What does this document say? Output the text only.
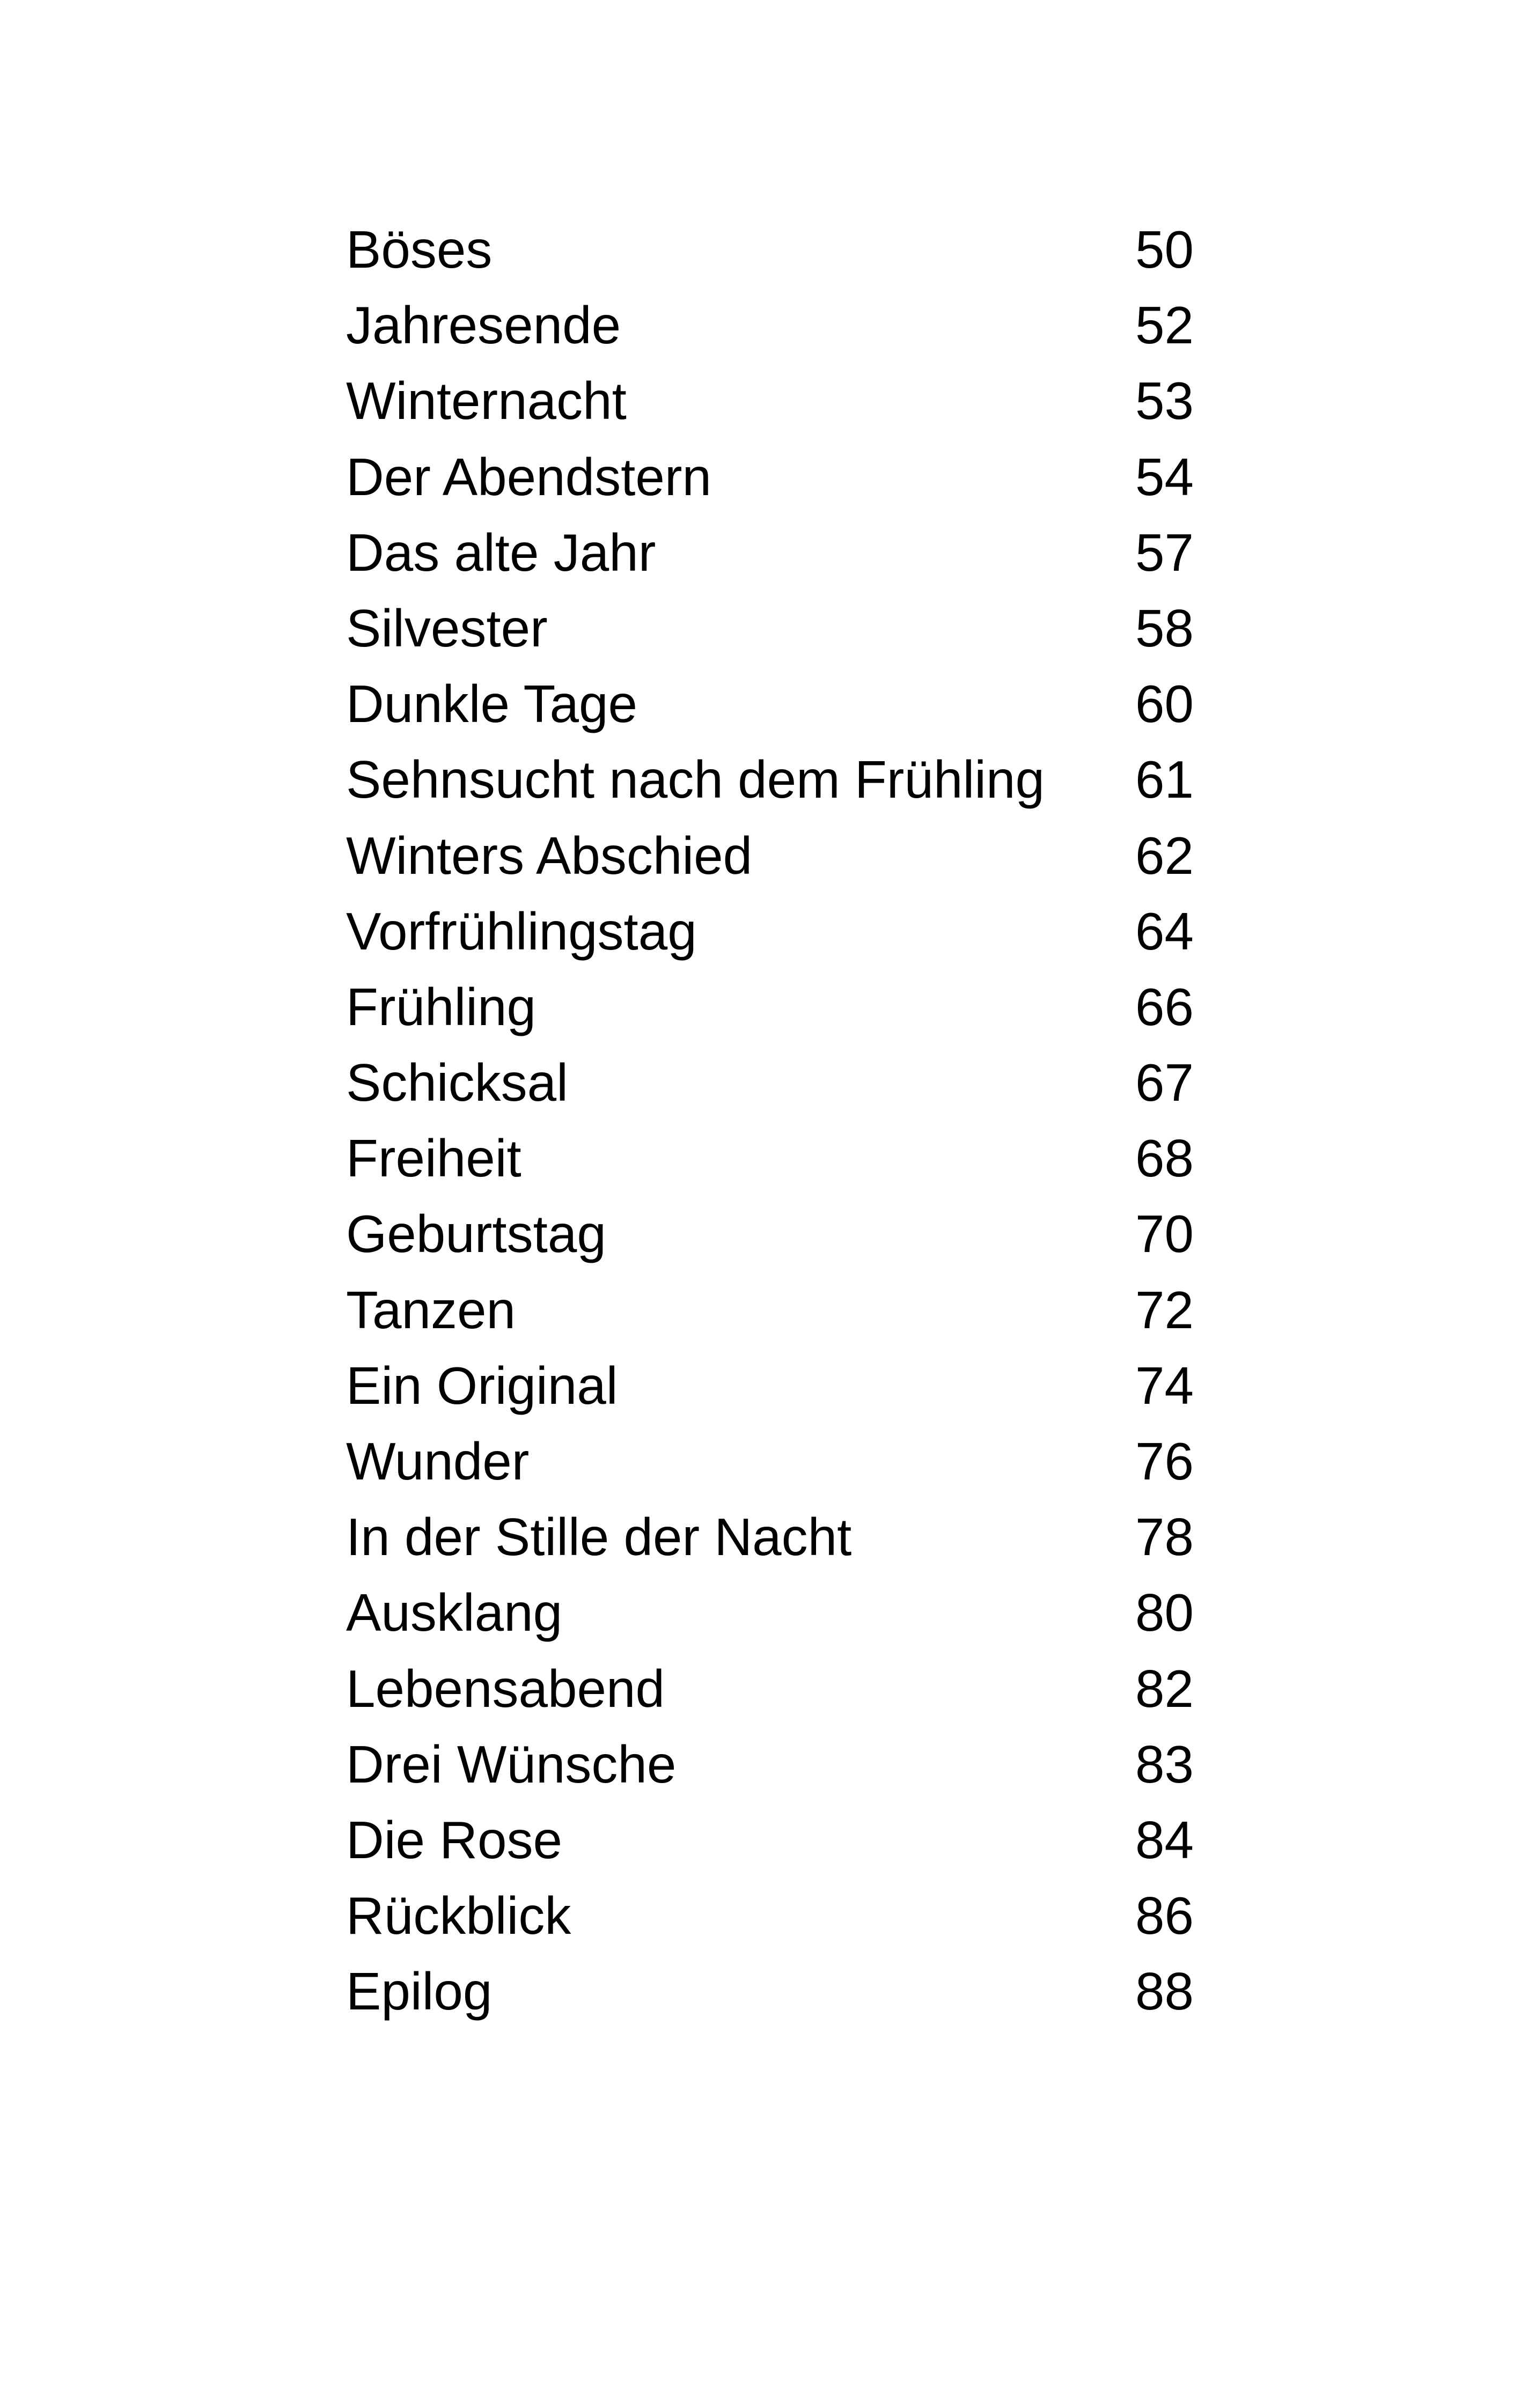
Böses	50
Jahresende	52
Winternacht	53
Der Abendstern	54
Das alte Jahr	57
Silvester	58
Dunkle Tage	60
Sehnsucht nach dem Frühling 61
Winters Abschied	62
Vorfrühlingstag	64
Frühling	66
Schicksal	67
Freiheit	68
Geburtstag	70
Tanzen	72
Ein Original	74
Wunder	76
In der Stille der Nacht	78
Ausklang	80
Lebensabend	82
Drei Wünsche	83
Die Rose	84
Rückblick	86
Epilog	88
